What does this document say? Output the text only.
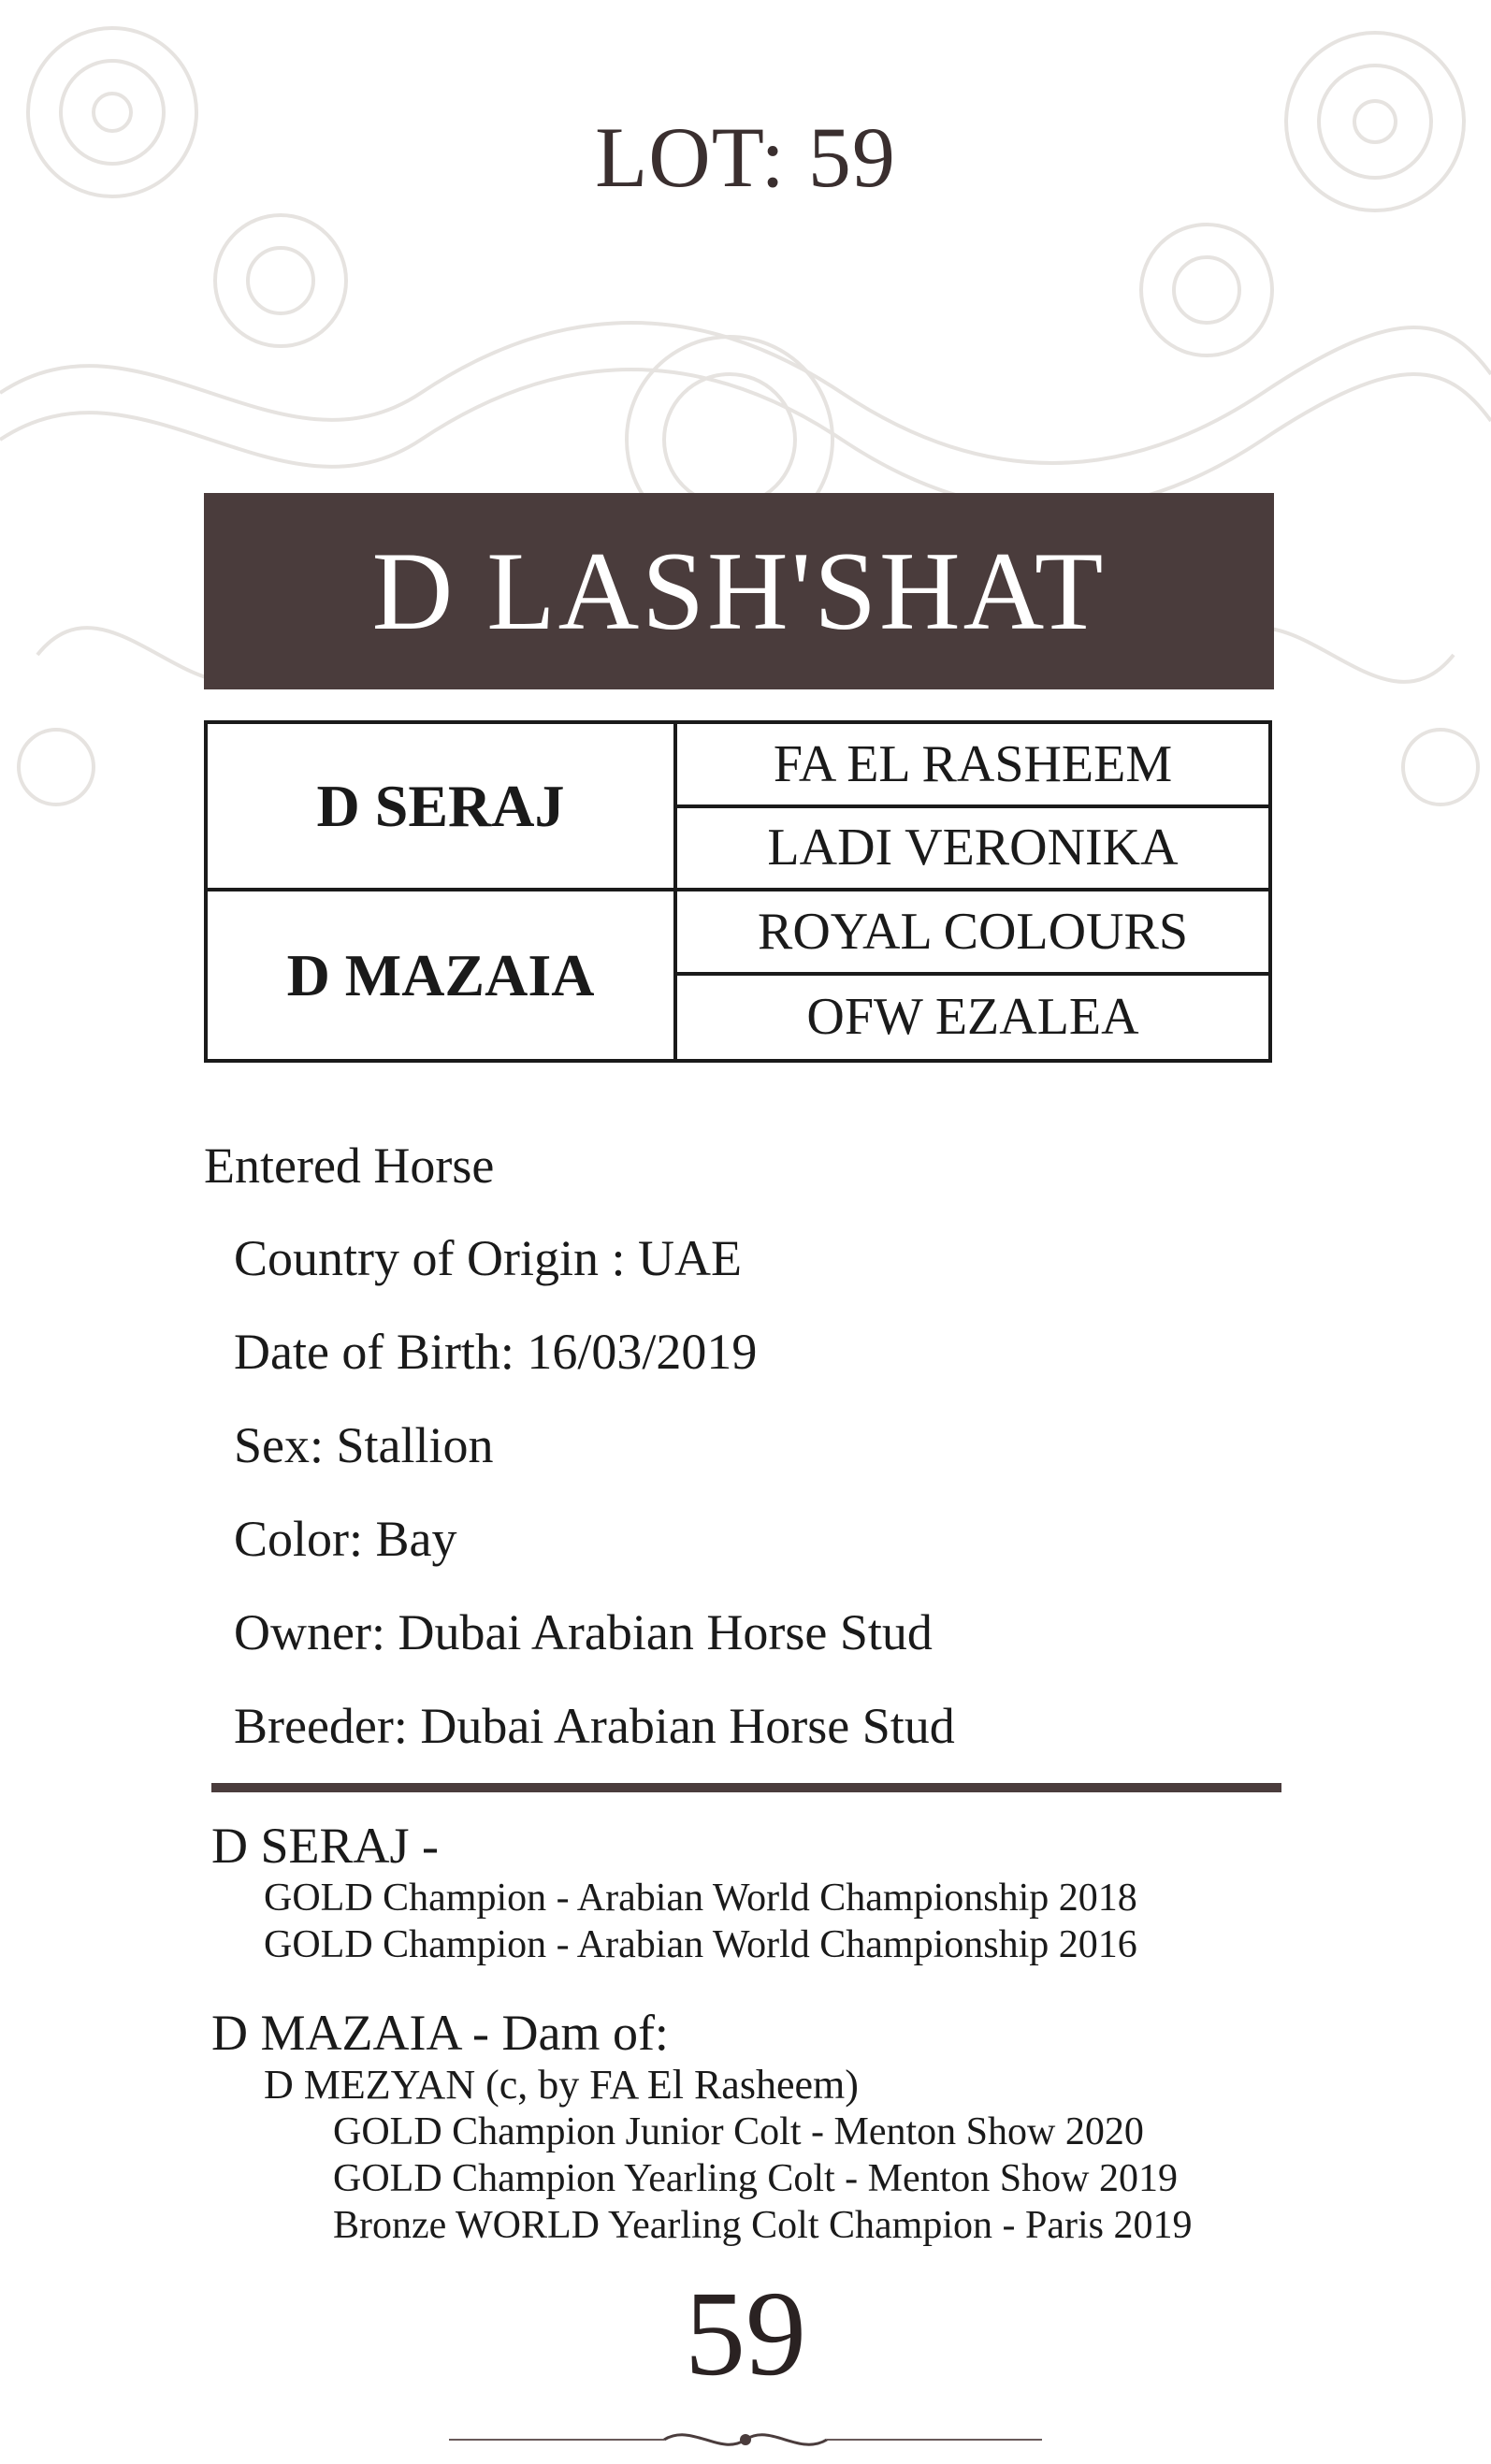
LOT: 59
D LASH'SHAT
D SERAJ
D MAZAIA
FA EL RASHEEM
LADI VERONIKA
ROYAL COLOURS
OFW EZALEA
Entered Horse
Country of Origin : UAE
Date of Birth: 16/03/2019
Sex: Stallion
Color: Bay
Owner: Dubai Arabian Horse Stud
Breeder: Dubai Arabian Horse Stud
D SERAJ -
GOLD Champion - Arabian World Championship 2018
GOLD Champion - Arabian World Championship 2016
D MAZAIA - Dam of:
D MEZYAN (c, by FA El Rasheem)
GOLD Champion Junior Colt - Menton Show 2020
GOLD Champion Yearling Colt - Menton Show 2019
Bronze WORLD Yearling Colt Champion - Paris 2019
59
